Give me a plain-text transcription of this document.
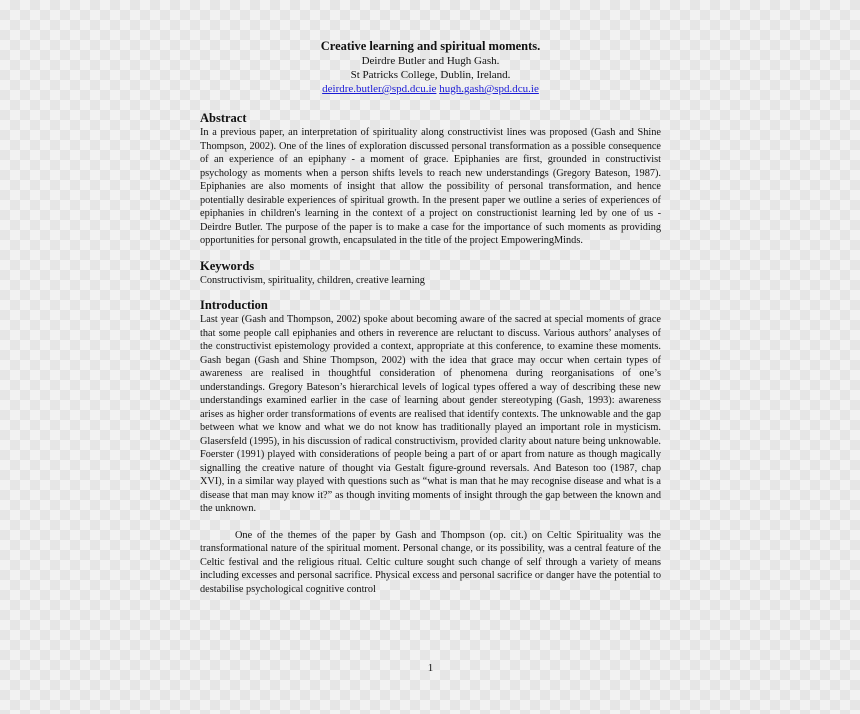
Creative learning and spiritual moments.
Deirdre Butler and Hugh Gash.
St Patricks College, Dublin, Ireland.
deirdre.butler@spd.dcu.ie hugh.gash@spd.dcu.ie
Abstract

In a previous paper, an interpretation of spirituality along constructivist lines was proposed (Gash and Shine Thompson, 2002). One of the lines of exploration discussed personal transformation as a possible consequence of an experience of an epiphany - a moment of grace. Epiphanies are first, grounded in constructivist psychology as moments when a person shifts levels to reach new understandings (Gregory Bateson, 1987). Epiphanies are also moments of insight that allow the possibility of personal transformation, and hence potentially desirable experiences of spiritual growth. In the present paper we outline a series of experiences of epiphanies in children's learning in the context of a project on constructionist learning led by one of us - Deirdre Butler. The purpose of the paper is to make a case for the importance of such moments as providing opportunities for personal growth, encapsulated in the title of the project EmpoweringMinds.

Keywords

Constructivism, spirituality, children, creative learning

Introduction

Last year (Gash and Thompson, 2002) spoke about becoming aware of the sacred at special moments of grace that some people call epiphanies and others in reverence are reluctant to discuss. Various authors’ analyses of the constructivist epistemology provided a context, appropriate at this conference, to examine these moments. Gash began (Gash and Shine Thompson, 2002) with the idea that grace may occur when certain types of awareness are realised in thoughtful consideration of phenomena during reorganisations of one’s understandings. Gregory Bateson’s hierarchical levels of logical types offered a way of describing these new understandings examined earlier in the case of learning about gender stereotyping (Gash, 1993): awareness arises as higher order transformations of events are realised that identify contexts. The unknowable and the gap between what we know and what we do not know has traditionally played an important role in mysticism. Glasersfeld (1995), in his discussion of radical constructivism, provided clarity about nature being unknowable. Foerster (1991) played with considerations of people being a part of or apart from nature as though magically signalling the creative nature of thought via Gestalt figure-ground reversals. And Bateson too (1987, chap XVI), in a similar way played with questions such as “what is man that he may recognise disease and what is a disease that man may know it?” as though inviting moments of insight through the gap between the known and the unknown.

One of the themes of the paper by Gash and Thompson (op. cit.) on Celtic Spirituality was the transformational nature of the spiritual moment. Personal change, or its possibility, was a central feature of the Celtic festival and the religious ritual. Celtic culture sought such change of self through a variety of means including excesses and personal sacrifice. Physical excess and personal sacrifice or danger have the potential to destabilise psychological cognitive control

1
